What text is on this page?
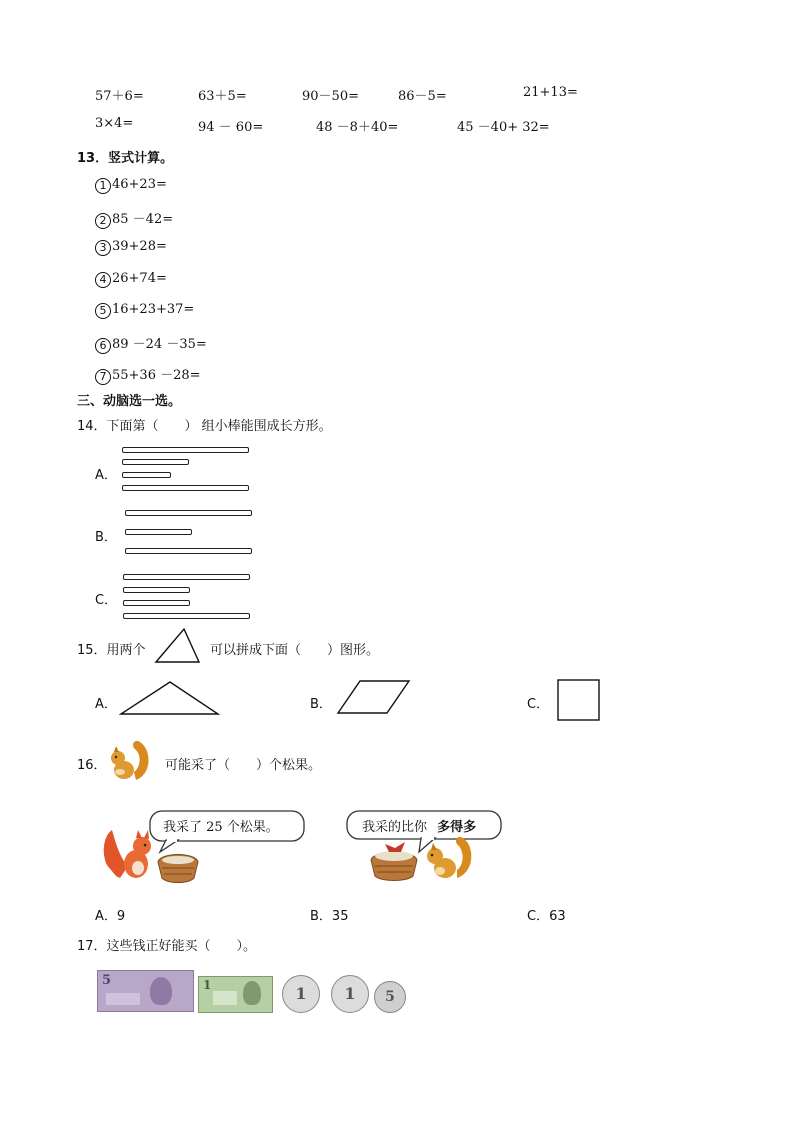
57＋6=	63＋5=	90－50=	86－5=	21+13=
3×4=	94 － 60=	48 －8＋40=	45 －40+ 32=
13．竖式计算。
1 46+23=
2 85 －42=
3 39+28=
4 26+74=
5 16+23+37=
6 89 －24 －35=
7 55+36 －28=
三、动脑选一选。
14．下面第（　　） 组小棒能围成长方形。
A．
B．
C．
15．用两个	可以拼成下面（　　）图形。
A．	B．	C．
16．	可能采了（　　）个松果。
我采了 25 个松果。	我采的比你 多得多
A．9	B．35	C．63
17．这些钱正好能买（　　）。
5	1	1	1	5
